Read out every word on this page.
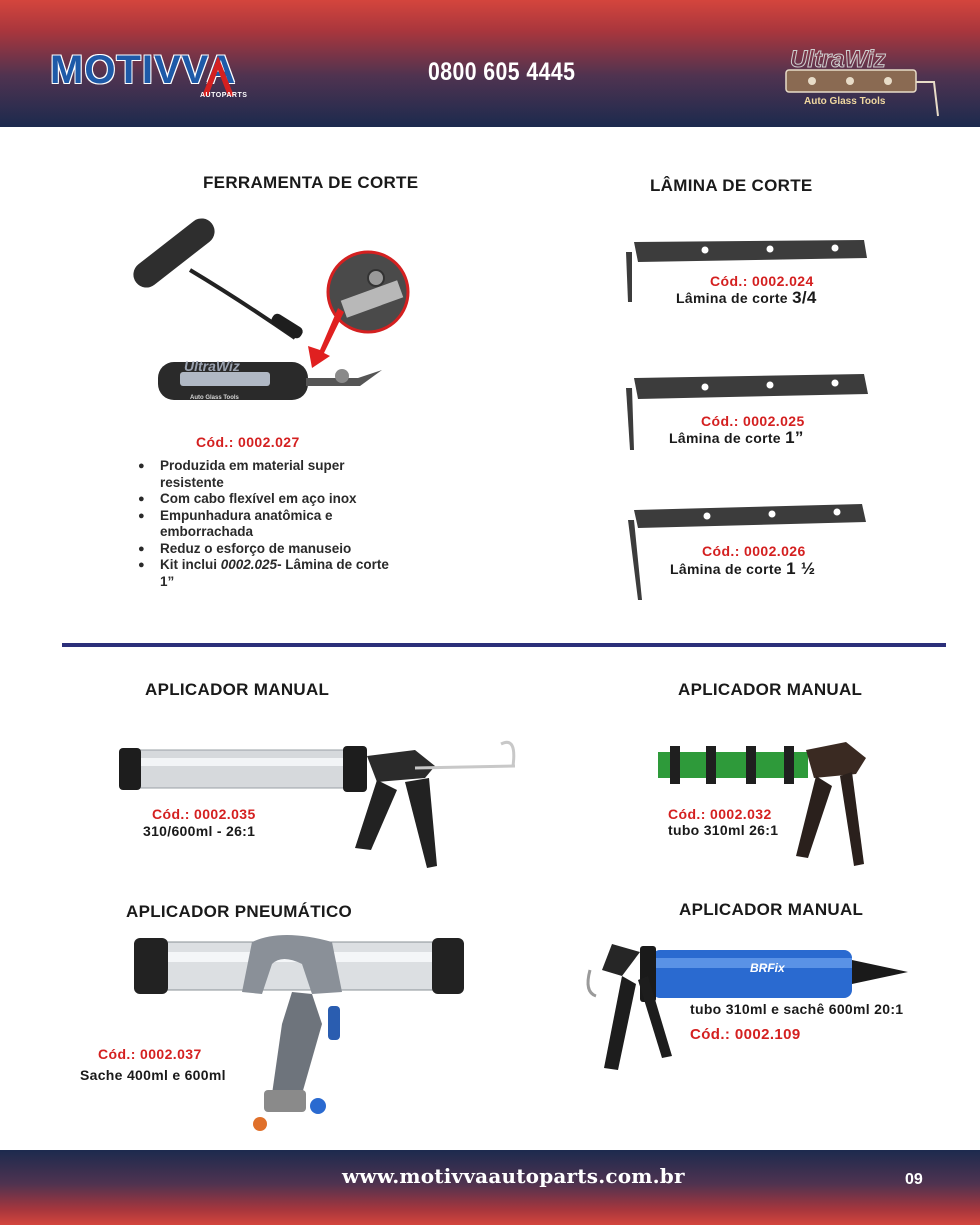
MOTIVVA
AUTOPARTS
0800 605 4445	UltraWiz
Auto Glass Tools
FERRAMENTA DE CORTE
UltraWiz
Auto Glass Tools
Cód.: 0002.027
● Produzida em material super resistente
● Com cabo flexível em aço inox
● Empunhadura anatômica e emborrachada
● Reduz o esforço de manuseio
● Kit inclui 0002.025- Lâmina de corte 1”
LÂMINA DE CORTE
Cód.: 0002.024
Lâmina de corte 3/4
Cód.: 0002.025
Lâmina de corte 1”
Cód.: 0002.026
Lâmina de corte 1 ½
APLICADOR MANUAL
Cód.: 0002.035
310/600ml - 26:1
APLICADOR MANUAL
Cód.: 0002.032
tubo 310ml 26:1
APLICADOR PNEUMÁTICO
Cód.: 0002.037
Sache 400ml e 600ml
APLICADOR MANUAL
BRFix
tubo 310ml e sachê 600ml 20:1
Cód.: 0002.109
www.motivvaautoparts.com.br	09
